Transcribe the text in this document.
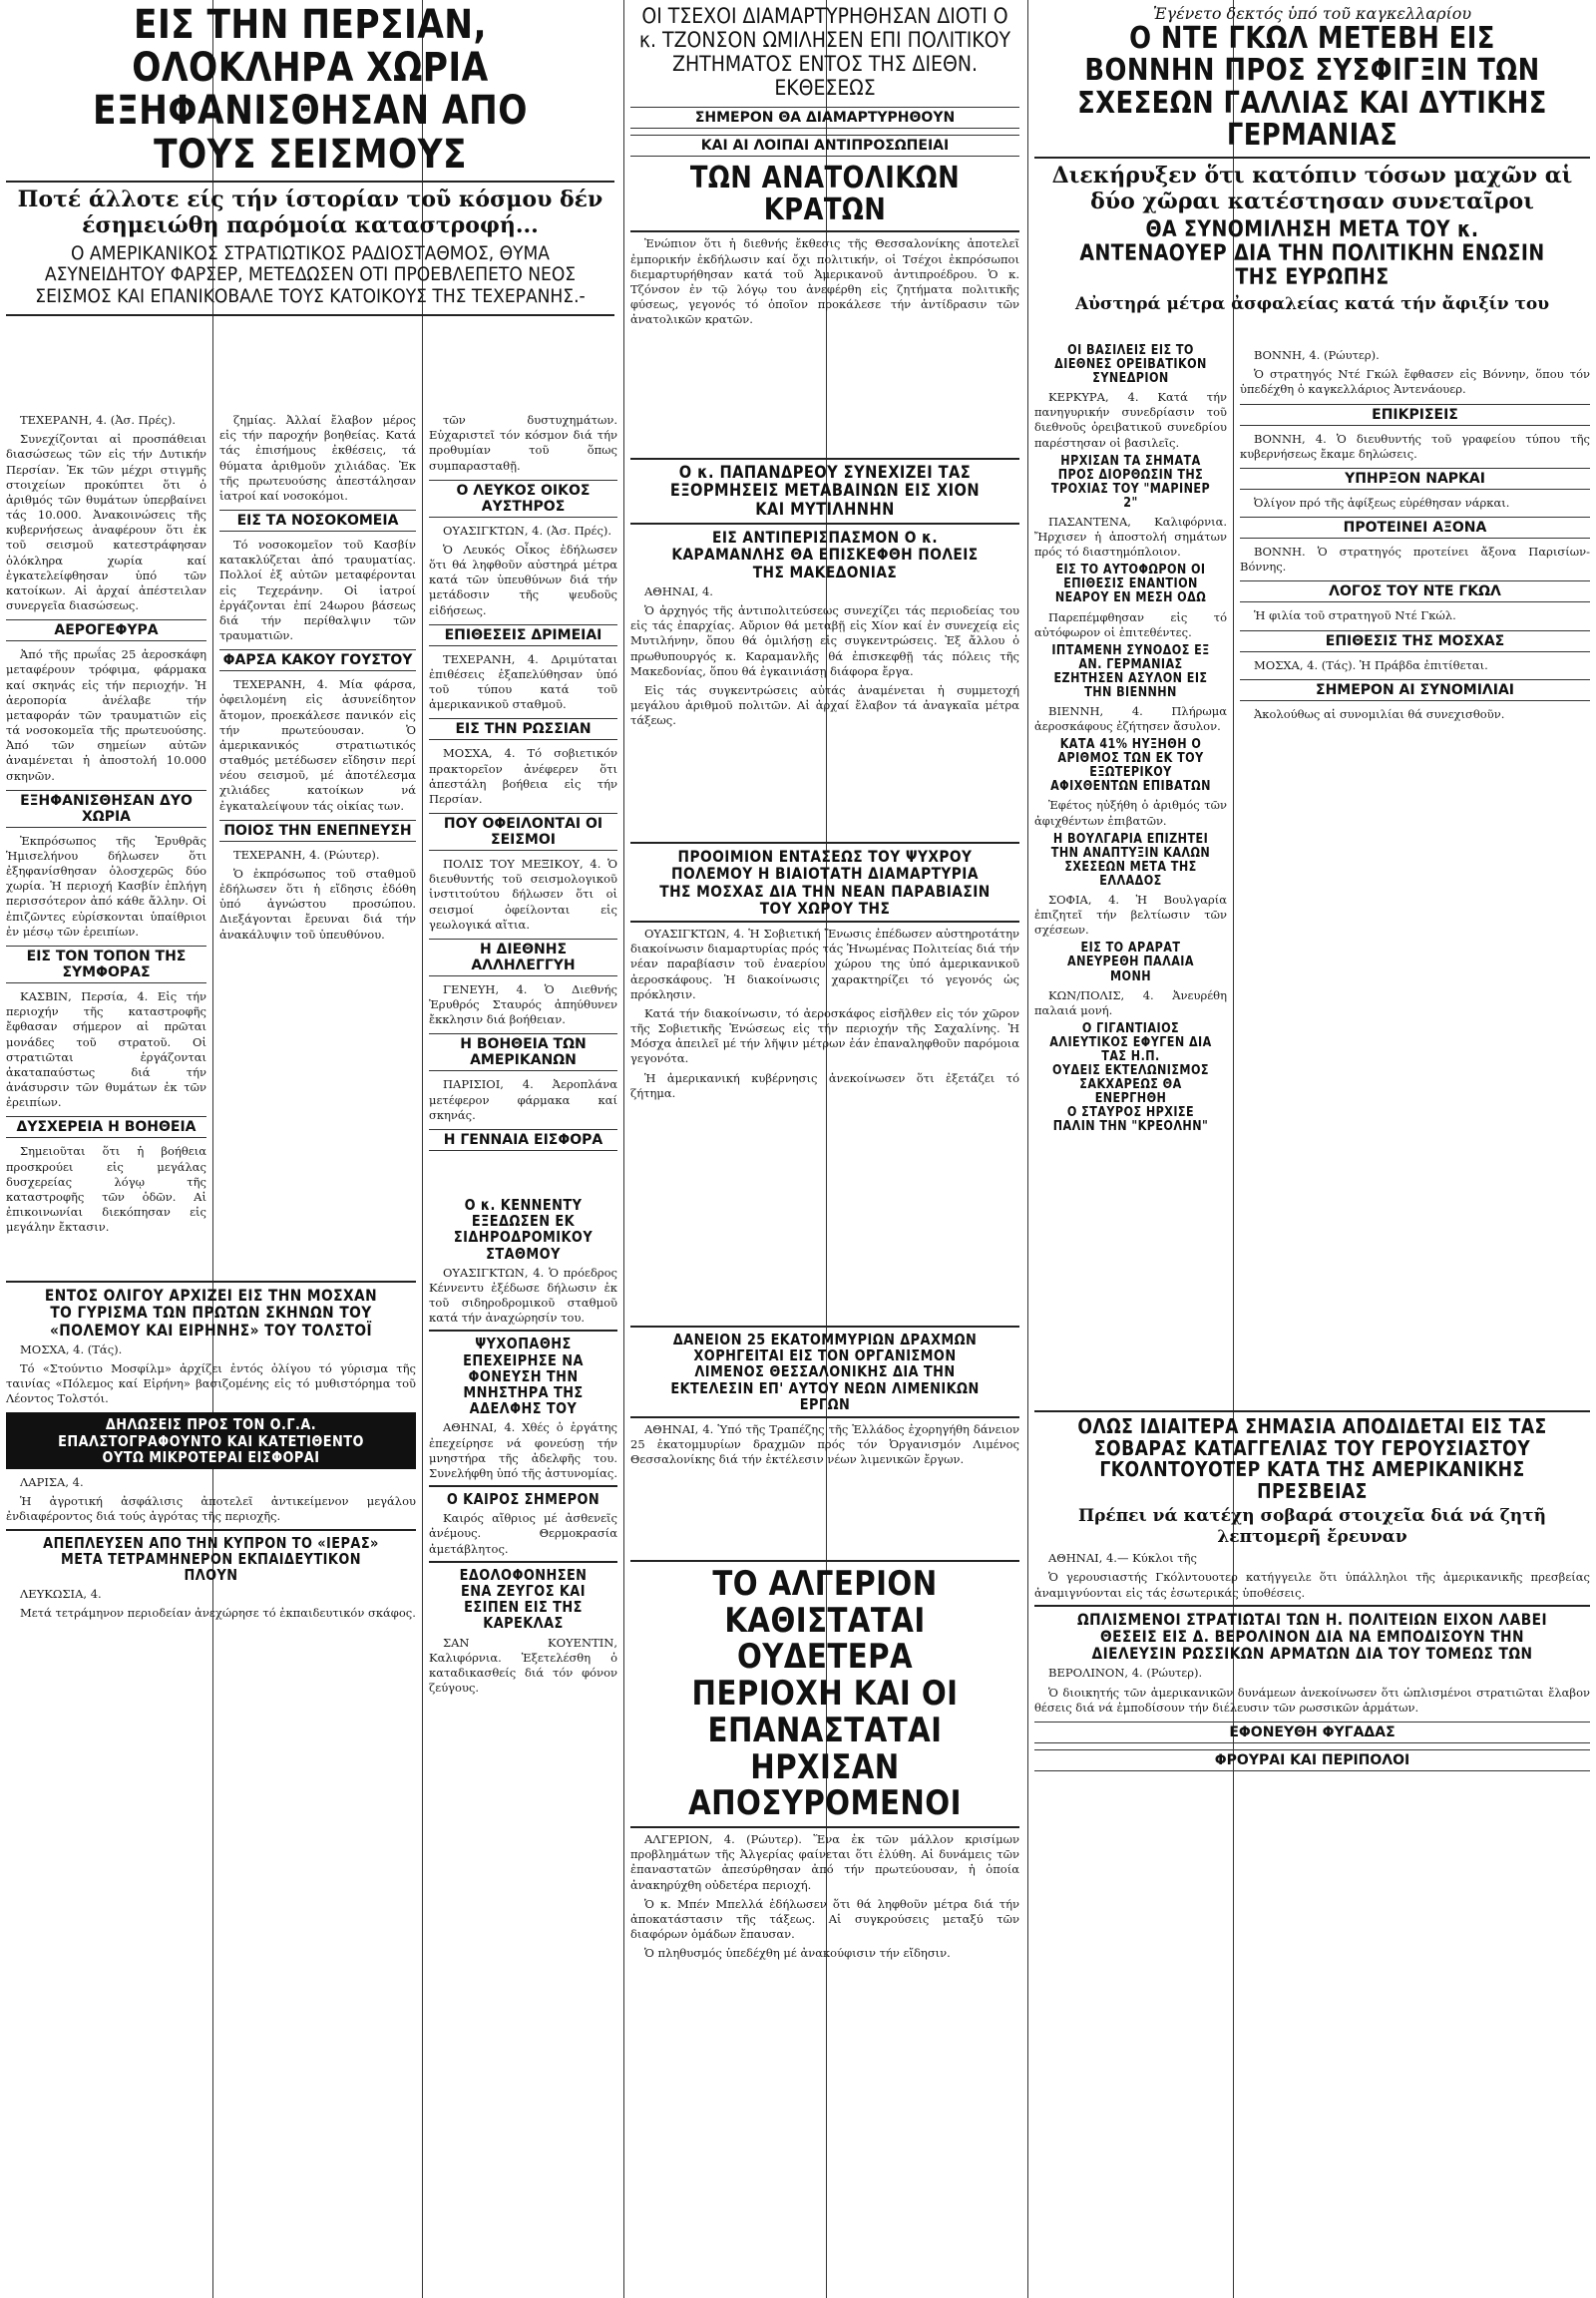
ΕΙΣ ΤΗΝ ΠΕΡΣΙΑΝ, ΟΛΟΚΛΗΡΑ ΧΩΡΙΑ ΕΞΗΦΑΝΙΣΘΗΣΑΝ ΑΠΟ ΤΟΥΣ ΣΕΙΣΜΟΥΣ
Ποτέ άλλοτε είς τήν ίστορίαν τοῦ κόσμου δέν έσημειώθη παρόμοία καταστροφή...
Ο ΑΜΕΡΙΚΑΝΙΚΟΣ ΣΤΡΑΤΙΩΤΙΚΟΣ ΡΑΔΙΟΣΤΑΘΜΟΣ, ΘΥΜΑ ΑΣΥΝΕΙΔΗΤΟΥ ΦΑΡΣΕΡ, ΜΕΤΕΔΩΣΕΝ ΟΤΙ ΠΡΟΕΒΛΕΠΕΤΟ ΝΕΟΣ ΣΕΙΣΜΟΣ ΚΑΙ ΕΠΑΝΙΚΟΒΑΛΕ ΤΟΥΣ ΚΑΤΟΙΚΟΥΣ ΤΗΣ ΤΕΧΕΡΑΝΗΣ.-
ΤΕΧΕΡΑΝΗ, 4. (Ἀσ. Πρές).
Συνεχίζονται αἱ προσπάθειαι διασώσεως τῶν εἰς τήν Δυτικήν Περσίαν. Ἐκ τῶν μέχρι στιγμῆς στοιχείων προκύπτει ὅτι ὁ ἀριθμός τῶν θυμάτων ὑπερβαίνει τάς 10.000. Ἀνακοινώσεις τῆς κυβερνήσεως ἀναφέρουν ὅτι ἐκ τοῦ σεισμοῦ κατεστράφησαν ὁλόκληρα χωρία καί ἐγκατελείφθησαν ὑπό τῶν κατοίκων. Αἱ ἀρχαί ἀπέστειλαν συνεργεῖα διασώσεως.
ΑΕΡΟΓΕΦΥΡΑ
Ἀπό τῆς πρωΐας 25 ἀεροσκάφη μεταφέρουν τρόφιμα, φάρμακα καί σκηνάς εἰς τήν περιοχήν. Ἡ ἀεροπορία ἀνέλαβε τήν μεταφοράν τῶν τραυματιῶν εἰς τά νοσοκομεῖα τῆς πρωτευούσης. Ἀπό τῶν σημείων αὐτῶν ἀναμένεται ἡ ἀποστολή 10.000 σκηνῶν.
ΕΞΗΦΑΝΙΣΘΗΣΑΝ ΔΥΟ ΧΩΡΙΑ
Ἐκπρόσωπος τῆς Ἐρυθρᾶς Ἡμισελήνου δήλωσεν ὅτι ἐξηφανίσθησαν ὁλοσχερῶς δύο χωρία. Ἡ περιοχή Κασβίν ἐπλήγη περισσότερον ἀπό κάθε ἄλλην. Οἱ ἐπιζῶντες εὑρίσκονται ὑπαίθριοι ἐν μέσῳ τῶν ἐρειπίων.
ΕΙΣ ΤΟΝ ΤΟΠΟΝ ΤΗΣ ΣΥΜΦΟΡΑΣ
ΚΑΣΒΙΝ, Περσία, 4. Εἰς τήν περιοχήν τῆς καταστροφῆς ἔφθασαν σήμερον αἱ πρῶται μονάδες τοῦ στρατοῦ. Οἱ στρατιῶται ἐργάζονται ἀκαταπαύστως διά τήν ἀνάσυρσιν τῶν θυμάτων ἐκ τῶν ἐρειπίων.
ΔΥΣΧΕΡΕΙΑ Η ΒΟΗΘΕΙΑ
Σημειοῦται ὅτι ἡ βοήθεια προσκρούει εἰς μεγάλας δυσχερείας λόγῳ τῆς καταστροφῆς τῶν ὁδῶν. Αἱ ἐπικοινωνίαι διεκόπησαν εἰς μεγάλην ἔκτασιν.
ζημίας. Ἀλλαί ἔλαβον μέρος εἰς τήν παροχήν βοηθείας. Κατά τάς ἐπισήμους ἐκθέσεις, τά θύματα ἀριθμοῦν χιλιάδας. Ἐκ τῆς πρωτευούσης ἀπεστάλησαν ἰατροί καί νοσοκόμοι.
ΕΙΣ ΤΑ ΝΟΣΟΚΟΜΕΙΑ
Τό νοσοκομεῖον τοῦ Κασβίν κατακλύζεται ἀπό τραυματίας. Πολλοί ἐξ αὐτῶν μεταφέρονται εἰς Τεχεράνην. Οἱ ἰατροί ἐργάζονται ἐπί 24ωρου βάσεως διά τήν περίθαλψιν τῶν τραυματιῶν.
ΦΑΡΣΑ ΚΑΚΟΥ ΓΟΥΣΤΟΥ
ΤΕΧΕΡΑΝΗ, 4. Μία φάρσα, ὀφειλομένη εἰς ἀσυνείδητον ἄτομον, προεκάλεσε πανικόν εἰς τήν πρωτεύουσαν. Ὁ ἀμερικανικός στρατιωτικός σταθμός μετέδωσεν εἴδησιν περί νέου σεισμοῦ, μέ ἀποτέλεσμα χιλιάδες κατοίκων νά ἐγκαταλείψουν τάς οἰκίας των.
ΠΟΙΟΣ ΤΗΝ ΕΝΕΠΝΕΥΣΗ
ΤΕΧΕΡΑΝΗ, 4. (Ρώυτερ).
Ὁ ἐκπρόσωπος τοῦ σταθμοῦ ἐδήλωσεν ὅτι ἡ εἴδησις ἐδόθη ὑπό ἀγνώστου προσώπου. Διεξάγονται ἔρευναι διά τήν ἀνακάλυψιν τοῦ ὑπευθύνου.
τῶν δυστυχημάτων. Εὐχαριστεῖ τόν κόσμον διά τήν προθυμίαν τοῦ ὅπως συμπαρασταθῇ.
Ο ΛΕΥΚΟΣ ΟΙΚΟΣ ΑΥΣΤΗΡΟΣ
ΟΥΑΣΙΓΚΤΩΝ, 4. (Ἀσ. Πρές).
Ὁ Λευκός Οἶκος ἐδήλωσεν ὅτι θά ληφθοῦν αὐστηρά μέτρα κατά τῶν ὑπευθύνων διά τήν μετάδοσιν τῆς ψευδοῦς εἰδήσεως.
ΕΠΙΘΕΣΕΙΣ ΔΡΙΜΕΙΑΙ
ΤΕΧΕΡΑΝΗ, 4. Δριμύταται ἐπιθέσεις ἐξαπελύθησαν ὑπό τοῦ τύπου κατά τοῦ ἀμερικανικοῦ σταθμοῦ.
ΕΙΣ ΤΗΝ ΡΩΣΣΙΑΝ
ΜΟΣΧΑ, 4. Τό σοβιετικόν πρακτορεῖον ἀνέφερεν ὅτι ἀπεστάλη βοήθεια εἰς τήν Περσίαν.
ΠΟΥ ΟΦΕΙΛΟΝΤΑΙ ΟΙ ΣΕΙΣΜΟΙ
ΠΟΛΙΣ ΤΟΥ ΜΕΞΙΚΟΥ, 4. Ὁ διευθυντής τοῦ σεισμολογικοῦ ἰνστιτούτου δήλωσεν ὅτι οἱ σεισμοί ὀφείλονται εἰς γεωλογικά αἴτια.
Η ΔΙΕΘΝΗΣ ΑΛΛΗΛΕΓΓΥΗ
ΓΕΝΕΥΗ, 4. Ὁ Διεθνής Ἐρυθρός Σταυρός ἀπηύθυνεν ἔκκλησιν διά βοήθειαν.
Η ΒΟΗΘΕΙΑ ΤΩΝ ΑΜΕΡΙΚΑΝΩΝ
ΠΑΡΙΣΙΟΙ, 4. Ἀεροπλάνα μετέφερον φάρμακα καί σκηνάς.
Η ΓΕΝΝΑΙΑ ΕΙΣΦΟΡΑ
ΟΙ ΤΣΕΧΟΙ ΔΙΑΜΑΡΤΥΡΗΘΗΣΑΝ ΔΙΟΤΙ Ο κ. ΤΖΟΝΣΟΝ ΩΜΙΛΗΣΕΝ ΕΠΙ ΠΟΛΙΤΙΚΟΥ ΖΗΤΗΜΑΤΟΣ ΕΝΤΟΣ ΤΗΣ ΔΙΕΘΝ. ΕΚΘΕΣΕΩΣ
ΣΗΜΕΡΟΝ ΘΑ ΔΙΑΜΑΡΤΥΡΗΘΟΥΝ
ΚΑΙ ΑΙ ΛΟΙΠΑΙ ΑΝΤΙΠΡΟΣΩΠΕΙΑΙ
ΤΩΝ ΑΝΑΤΟΛΙΚΩΝ ΚΡΑΤΩΝ
Ἐνώπιον ὅτι ἡ διεθνής ἔκθεσις τῆς Θεσσαλονίκης ἀποτελεῖ ἐμπορικήν ἐκδήλωσιν καί ὄχι πολιτικήν, οἱ Τσέχοι ἐκπρόσωποι διεμαρτυρήθησαν κατά τοῦ Ἀμερικανοῦ ἀντιπροέδρου. Ὁ κ. Τζόνσον ἐν τῷ λόγῳ του ἀνεφέρθη εἰς ζητήματα πολιτικῆς φύσεως, γεγονός τό ὁποῖον προκάλεσε τήν ἀντίδρασιν τῶν ἀνατολικῶν κρατῶν.
Ο κ. ΠΑΠΑΝΔΡΕΟΥ ΣΥΝΕΧΙΖΕΙ ΤΑΣ ΕΞΟΡΜΗΣΕΙΣ ΜΕΤΑΒΑΙΝΩΝ ΕΙΣ ΧΙΟΝ ΚΑΙ ΜΥΤΙΛΗΝΗΝ
ΕΙΣ ΑΝΤΙΠΕΡΙΣΠΑΣΜΟΝ Ο κ. ΚΑΡΑΜΑΝΛΗΣ ΘΑ ΕΠΙΣΚΕΦΘΗ ΠΟΛΕΙΣ ΤΗΣ ΜΑΚΕΔΟΝΙΑΣ
ΑΘΗΝΑΙ, 4.
Ὁ ἀρχηγός τῆς ἀντιπολιτεύσεως συνεχίζει τάς περιοδείας του εἰς τάς ἐπαρχίας. Αὔριον θά μεταβῇ εἰς Χίον καί ἐν συνεχείᾳ εἰς Μυτιλήνην, ὅπου θά ὁμιλήσῃ εἰς συγκεντρώσεις. Ἐξ ἄλλου ὁ πρωθυπουργός κ. Καραμανλῆς θά ἐπισκεφθῇ τάς πόλεις τῆς Μακεδονίας, ὅπου θά ἐγκαινιάσῃ διάφορα ἔργα.
Εἰς τάς συγκεντρώσεις αὐτάς ἀναμένεται ἡ συμμετοχή μεγάλου ἀριθμοῦ πολιτῶν. Αἱ ἀρχαί ἔλαβον τά ἀναγκαῖα μέτρα τάξεως.
ΠΡΟΟΙΜΙΟΝ ΕΝΤΑΣΕΩΣ ΤΟΥ ΨΥΧΡΟΥ ΠΟΛΕΜΟΥ Η ΒΙΑΙΟΤΑΤΗ ΔΙΑΜΑΡΤΥΡΙΑ ΤΗΣ ΜΟΣΧΑΣ ΔΙΑ ΤΗΝ ΝΕΑΝ ΠΑΡΑΒΙΑΣΙΝ ΤΟΥ ΧΩΡΟΥ ΤΗΣ
ΟΥΑΣΙΓΚΤΩΝ, 4. Ἡ Σοβιετική Ἕνωσις ἐπέδωσεν αὐστηροτάτην διακοίνωσιν διαμαρτυρίας πρός τάς Ἡνωμένας Πολιτείας διά τήν νέαν παραβίασιν τοῦ ἐναερίου χώρου της ὑπό ἀμερικανικοῦ ἀεροσκάφους. Ἡ διακοίνωσις χαρακτηρίζει τό γεγονός ὡς πρόκλησιν.
Κατά τήν διακοίνωσιν, τό ἀεροσκάφος εἰσῆλθεν εἰς τόν χῶρον τῆς Σοβιετικῆς Ἑνώσεως εἰς τήν περιοχήν τῆς Σαχαλίνης. Ἡ Μόσχα ἀπειλεῖ μέ τήν λῆψιν μέτρων ἐάν ἐπαναληφθοῦν παρόμοια γεγονότα.
Ἡ ἀμερικανική κυβέρνησις ἀνεκοίνωσεν ὅτι ἐξετάζει τό ζήτημα.
ΔΑΝΕΙΟΝ 25 ΕΚΑΤΟΜΜΥΡΙΩΝ ΔΡΑΧΜΩΝ ΧΟΡΗΓΕΙΤΑΙ ΕΙΣ ΤΟΝ ΟΡΓΑΝΙΣΜΟΝ ΛΙΜΕΝΟΣ ΘΕΣΣΑΛΟΝΙΚΗΣ ΔΙΑ ΤΗΝ ΕΚΤΕΛΕΣΙΝ ΕΠ' ΑΥΤΟΥ ΝΕΩΝ ΛΙΜΕΝΙΚΩΝ ΕΡΓΩΝ
ΑΘΗΝΑΙ, 4. Ὑπό τῆς Τραπέζης τῆς Ἑλλάδος ἐχορηγήθη δάνειον 25 ἐκατομμυρίων δραχμῶν πρός τόν Ὀργανισμόν Λιμένος Θεσσαλονίκης διά τήν ἐκτέλεσιν νέων λιμενικῶν ἔργων.
ΤΟ ΑΛΓΕΡΙΟΝ ΚΑΘΙΣΤΑΤΑΙ ΟΥΔΕΤΕΡΑ ΠΕΡΙΟΧΗ ΚΑΙ ΟΙ ΕΠΑΝΑΣΤΑΤΑΙ ΗΡΧΙΣΑΝ ΑΠΟΣΥΡΟΜΕΝΟΙ
ΑΛΓΕΡΙΟΝ, 4. (Ρώυτερ). Ἕνα ἐκ τῶν μάλλον κρισίμων προβλημάτων τῆς Ἀλγερίας φαίνεται ὅτι ἐλύθη. Αἱ δυνάμεις τῶν ἐπαναστατῶν ἀπεσύρθησαν ἀπό τήν πρωτεύουσαν, ἡ ὁποία ἀνακηρύχθη οὐδετέρα περιοχή.
Ὁ κ. Μπέν Μπελλά ἐδήλωσεν ὅτι θά ληφθοῦν μέτρα διά τήν ἀποκατάστασιν τῆς τάξεως. Αἱ συγκρούσεις μεταξύ τῶν διαφόρων ὁμάδων ἔπαυσαν.
Ὁ πληθυσμός ὑπεδέχθη μέ ἀνακούφισιν τήν εἴδησιν.
Ο κ. ΚΕΝΝΕΝΤΥ ΕΞΕΔΩΣΕΝ ΕΚ ΣΙΔΗΡΟΔΡΟΜΙΚΟΥ ΣΤΑΘΜΟΥ
ΟΥΑΣΙΓΚΤΩΝ, 4. Ὁ πρόεδρος Κέννεντυ ἐξέδωσε δήλωσιν ἐκ τοῦ σιδηροδρομικοῦ σταθμοῦ κατά τήν ἀναχώρησίν του.
ΨΥΧΟΠΑΘΗΣ ΕΠΕΧΕΙΡΗΣΕ ΝΑ ΦΟΝΕΥΣΗ ΤΗΝ ΜΝΗΣΤΗΡΑ ΤΗΣ ΑΔΕΛΦΗΣ ΤΟΥ
ΑΘΗΝΑΙ, 4. Χθές ὁ ἐργάτης ἐπεχείρησε νά φονεύσῃ τήν μνηστήρα τῆς ἀδελφῆς του. Συνελήφθη ὑπό τῆς ἀστυνομίας.
Ο ΚΑΙΡΟΣ ΣΗΜΕΡΟΝ
Καιρός αἴθριος μέ ἀσθενεῖς ἀνέμους. Θερμοκρασία ἀμετάβλητος.
ΕΔΟΛΟΦΟΝΗΣΕΝ ΕΝΑ ΖΕΥΓΟΣ ΚΑΙ ΕΣΙΠΕΝ ΕΙΣ ΤΗΣ ΚΑΡΕΚΛΑΣ
ΣΑΝ ΚΟΥΕΝΤΙΝ, Καλιφόρνια. Ἐξετελέσθη ὁ καταδικασθείς διά τόν φόνον ζεύγους.
Ἐγένετο δεκτός ὑπό τοῦ καγκελλαρίου
Ο ΝΤΕ ΓΚΩΛ ΜΕΤΕΒΗ ΕΙΣ ΒΟΝΝΗΝ ΠΡΟΣ ΣΥΣΦΙΓΞΙΝ ΤΩΝ ΣΧΕΣΕΩΝ ΓΑΛΛΙΑΣ ΚΑΙ ΔΥΤΙΚΗΣ ΓΕΡΜΑΝΙΑΣ
Διεκήρυξεν ὅτι κατόπιν τόσων μαχῶν αἱ δύο χῶραι κατέστησαν συνεταῖροι
ΘΑ ΣΥΝΟΜΙΛΗΣΗ ΜΕΤΑ ΤΟΥ κ. ΑΝΤΕΝΑΟΥΕΡ ΔΙΑ ΤΗΝ ΠΟΛΙΤΙΚΗΝ ΕΝΩΣΙΝ ΤΗΣ ΕΥΡΩΠΗΣ
Αὐστηρά μέτρα ἀσφαλείας κατά τήν ἄφιξίν του
ΟΙ ΒΑΣΙΛΕΙΣ ΕΙΣ ΤΟ ΔΙΕΘΝΕΣ ΟΡΕΙΒΑΤΙΚΟΝ ΣΥΝΕΔΡΙΟΝ
ΚΕΡΚΥΡΑ, 4. Κατά τήν πανηγυρικήν συνεδρίασιν τοῦ διεθνοῦς ὀρειβατικοῦ συνεδρίου παρέστησαν οἱ βασιλεῖς.
ΗΡΧΙΣΑΝ ΤΑ ΣΗΜΑΤΑ ΠΡΟΣ ΔΙΟΡΘΩΣΙΝ ΤΗΣ ΤΡΟΧΙΑΣ ΤΟΥ "ΜΑΡΙΝΕΡ 2"
ΠΑΣΑΝΤΕΝΑ, Καλιφόρνια. Ἤρχισεν ἡ ἀποστολή σημάτων πρός τό διαστημόπλοιον.
ΕΙΣ ΤΟ ΑΥΤΟΦΩΡΟΝ ΟΙ ΕΠΙΘΕΣΙΣ ΕΝΑΝΤΙΟΝ ΝΕΑΡΟΥ ΕΝ ΜΕΣΗ ΟΔΩ
Παρεπέμφθησαν εἰς τό αὐτόφωρον οἱ ἐπιτεθέντες.
ΙΠΤΑΜΕΝΗ ΣΥΝΟΔΟΣ ΕΞ ΑΝ. ΓΕΡΜΑΝΙΑΣ ΕΖΗΤΗΣΕΝ ΑΣΥΛΟΝ ΕΙΣ ΤΗΝ ΒΙΕΝΝΗΝ
ΒΙΕΝΝΗ, 4. Πλήρωμα ἀεροσκάφους ἐζήτησεν ἄσυλον.
ΚΑΤΑ 41% ΗΥΞΗΘΗ Ο ΑΡΙΘΜΟΣ ΤΩΝ ΕΚ ΤΟΥ ΕΞΩΤΕΡΙΚΟΥ ΑΦΙΧΘΕΝΤΩΝ ΕΠΙΒΑΤΩΝ
Ἐφέτος ηὐξήθη ὁ ἀριθμός τῶν ἀφιχθέντων ἐπιβατῶν.
Η ΒΟΥΛΓΑΡΙΑ ΕΠΙΖΗΤΕΙ ΤΗΝ ΑΝΑΠΤΥΞΙΝ ΚΑΛΩΝ ΣΧΕΣΕΩΝ ΜΕΤΑ ΤΗΣ ΕΛΛΑΔΟΣ
ΣΟΦΙΑ, 4. Ἡ Βουλγαρία ἐπιζητεῖ τήν βελτίωσιν τῶν σχέσεων.
ΕΙΣ ΤΟ ΑΡΑΡΑΤ ΑΝΕΥΡΕΘΗ ΠΑΛΑΙΑ ΜΟΝΗ
ΚΩΝ/ΠΟΛΙΣ, 4. Ἀνευρέθη παλαιά μονή.
Ο ΓΙΓΑΝΤΙΑΙΟΣ ΑΛΙΕΥΤΙΚΟΣ ΕΦΥΓΕΝ ΔΙΑ ΤΑΣ Η.Π.
ΟΥΔΕΙΣ ΕΚΤΕΛΩΝΙΣΜΟΣ ΣΑΚΧΑΡΕΩΣ ΘΑ ΕΝΕΡΓΗΘΗ
Ο ΣΤΑΥΡΟΣ ΗΡΧΙΣΕ ΠΑΛΙΝ ΤΗΝ "ΚΡΕΟΛΗΝ"
ΒΟΝΝΗ, 4. (Ρώυτερ).
Ὁ στρατηγός Ντέ Γκώλ ἔφθασεν εἰς Βόννην, ὅπου τόν ὑπεδέχθη ὁ καγκελλάριος Ἀντενάουερ.
ΕΠΙΚΡΙΣΕΙΣ
ΒΟΝΝΗ, 4. Ὁ διευθυντής τοῦ γραφείου τύπου τῆς κυβερνήσεως ἔκαμε δηλώσεις.
ΥΠΗΡΞΟΝ ΝΑΡΚΑΙ
Ὀλίγον πρό τῆς ἀφίξεως εὑρέθησαν νάρκαι.
ΠΡΟΤΕΙΝΕΙ ΑΞΟΝΑ
ΒΟΝΝΗ. Ὁ στρατηγός προτείνει ἄξονα Παρισίων-Βόννης.
ΛΟΓΟΣ ΤΟΥ ΝΤΕ ΓΚΩΛ
Ἡ φιλία τοῦ στρατηγοῦ Ντέ Γκώλ.
ΕΠΙΘΕΣΙΣ ΤΗΣ ΜΟΣΧΑΣ
ΜΟΣΧΑ, 4. (Τάς). Ἡ Πράβδα ἐπιτίθεται.
ΣΗΜΕΡΟΝ ΑΙ ΣΥΝΟΜΙΛΙΑΙ
Ἀκολούθως αἱ συνομιλίαι θά συνεχισθοῦν.
ΕΝΤΟΣ ΟΛΙΓΟΥ ΑΡΧΙΖΕΙ ΕΙΣ ΤΗΝ ΜΟΣΧΑΝ ΤΟ ΓΥΡΙΣΜΑ ΤΩΝ ΠΡΩΤΩΝ ΣΚΗΝΩΝ ΤΟΥ «ΠΟΛΕΜΟΥ ΚΑΙ ΕΙΡΗΝΗΣ» ΤΟΥ ΤΟΛΣΤΟΪ
ΜΟΣΧΑ, 4. (Τάς).
Τό «Στούντιο Μοσφίλμ» ἀρχίζει ἐντός ὀλίγου τό γύρισμα τῆς ταινίας «Πόλεμος καί Εἰρήνη» βασιζομένης εἰς τό μυθιστόρημα τοῦ Λέοντος Τολστόι.
ΔΗΛΩΣΕΙΣ ΠΡΟΣ ΤΟΝ Ο.Γ.Α. ΕΠΑΛΣΤΟΓΡΑΦΟΥΝΤΟ ΚΑΙ ΚΑΤΕΤΙΘΕΝΤΟ ΟΥΤΩ ΜΙΚΡΟΤΕΡΑΙ ΕΙΣΦΟΡΑΙ
ΛΑΡΙΣΑ, 4.
Ἡ ἀγροτική ἀσφάλισις ἀποτελεῖ ἀντικείμενον μεγάλου ἐνδιαφέροντος διά τούς ἀγρότας τῆς περιοχῆς.
ΑΠΕΠΛΕΥΣΕΝ ΑΠΟ ΤΗΝ ΚΥΠΡΟΝ ΤΟ «ΙΕΡΑΣ» ΜΕΤΑ ΤΕΤΡΑΜΗΝΕΡΟΝ ΕΚΠΑΙΔΕΥΤΙΚΟΝ ΠΛΟΥΝ
ΛΕΥΚΩΣΙΑ, 4.
Μετά τετράμηνον περιοδείαν ἀνεχώρησε τό ἐκπαιδευτικόν σκάφος.
ΟΛΩΣ ΙΔΙΑΙΤΕΡΑ ΣΗΜΑΣΙΑ ΑΠΟΔΙΔΕΤΑΙ ΕΙΣ ΤΑΣ ΣΟΒΑΡΑΣ ΚΑΤΑΓΓΕΛΙΑΣ ΤΟΥ ΓΕΡΟΥΣΙΑΣΤΟΥ ΓΚΟΛΝΤΟΥΟΤΕΡ ΚΑΤΑ ΤΗΣ ΑΜΕΡΙΚΑΝΙΚΗΣ ΠΡΕΣΒΕΙΑΣ
Πρέπει νά κατέχη σοβαρά στοιχεῖα διά νά ζητῆ λεπτομερῆ ἔρευναν
ΑΘΗΝΑΙ, 4.— Κύκλοι τῆς
Ὁ γερουσιαστής Γκόλντουοτερ κατήγγειλε ὅτι ὑπάλληλοι τῆς ἀμερικανικῆς πρεσβείας ἀναμιγνύονται εἰς τάς ἐσωτερικάς ὑποθέσεις.
ΩΠΛΙΣΜΕΝΟΙ ΣΤΡΑΤΙΩΤΑΙ ΤΩΝ Η. ΠΟΛΙΤΕΙΩΝ ΕΙΧΟΝ ΛΑΒΕΙ ΘΕΣΕΙΣ ΕΙΣ Δ. ΒΕΡΟΛΙΝΟΝ ΔΙΑ ΝΑ ΕΜΠΟΔΙΣΟΥΝ ΤΗΝ ΔΙΕΛΕΥΣΙΝ ΡΩΣΣΙΚΩΝ ΑΡΜΑΤΩΝ ΔΙΑ ΤΟΥ ΤΟΜΕΩΣ ΤΩΝ
ΒΕΡΟΛΙΝΟΝ, 4. (Ρώυτερ).
Ὁ διοικητής τῶν ἀμερικανικῶν δυνάμεων ἀνεκοίνωσεν ὅτι ὡπλισμένοι στρατιῶται ἔλαβον θέσεις διά νά ἐμποδίσουν τήν διέλευσιν τῶν ρωσσικῶν ἁρμάτων.
ΕΦΟΝΕΥΘΗ ΦΥΓΑΔΑΣ
ΦΡΟΥΡΑΙ ΚΑΙ ΠΕΡΙΠΟΛΟΙ
